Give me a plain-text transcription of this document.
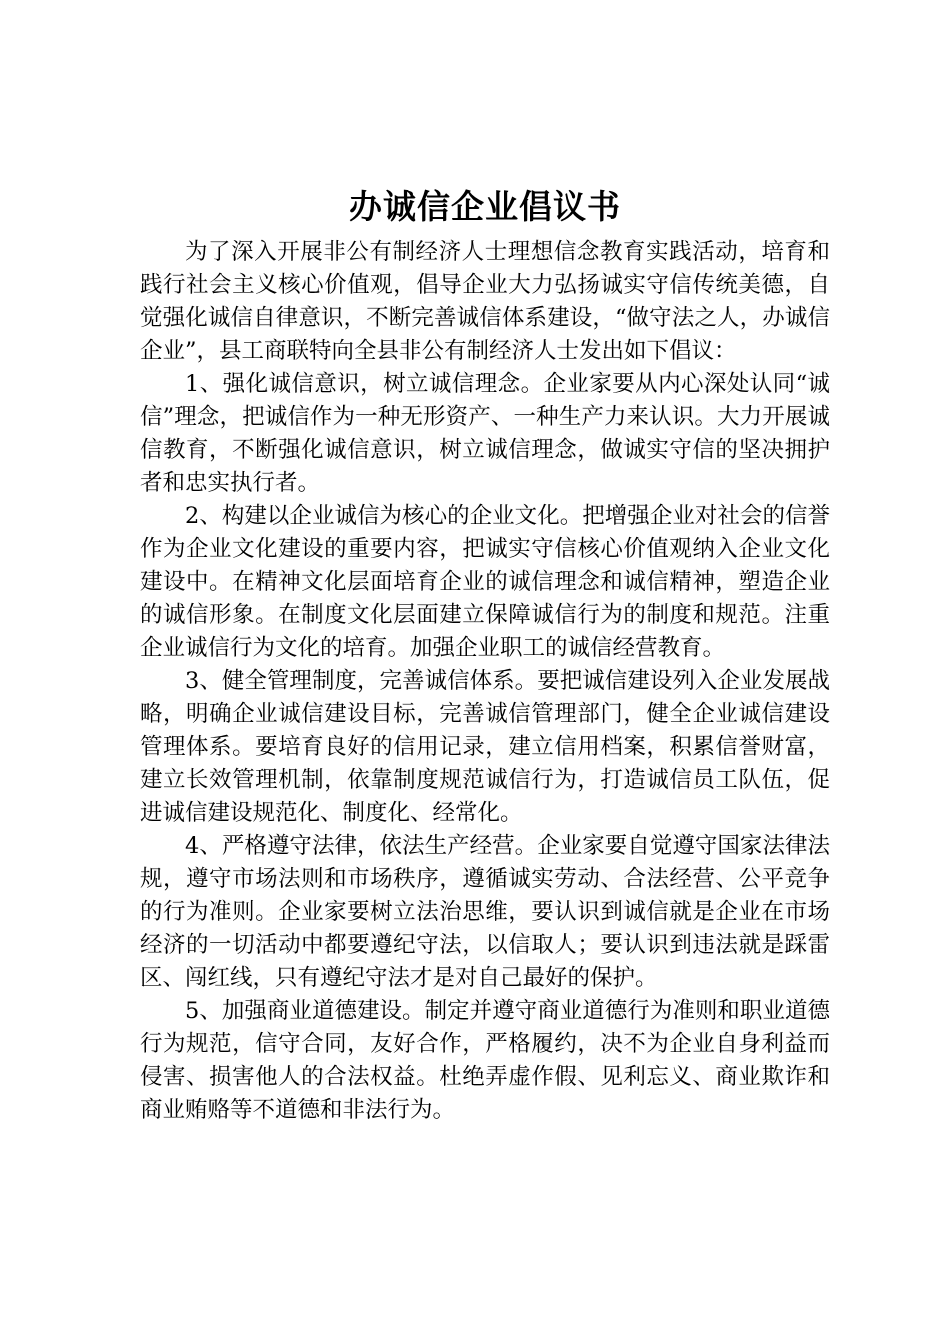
办诚信企业倡议书

为了深入开展非公有制经济人士理想信念教育实践活动，培育和践行社会主义核心价值观，倡导企业大力弘扬诚实守信传统美德，自觉强化诚信自律意识，不断完善诚信体系建设，“做守法之人，办诚信企业”，县工商联特向全县非公有制经济人士发出如下倡议：

1、强化诚信意识，树立诚信理念。企业家要从内心深处认同“诚信”理念，把诚信作为一种无形资产、一种生产力来认识。大力开展诚信教育，不断强化诚信意识，树立诚信理念，做诚实守信的坚决拥护者和忠实执行者。

2、构建以企业诚信为核心的企业文化。把增强企业对社会的信誉作为企业文化建设的重要内容，把诚实守信核心价值观纳入企业文化建设中。在精神文化层面培育企业的诚信理念和诚信精神，塑造企业的诚信形象。在制度文化层面建立保障诚信行为的制度和规范。注重企业诚信行为文化的培育。加强企业职工的诚信经营教育。

3、健全管理制度，完善诚信体系。要把诚信建设列入企业发展战略，明确企业诚信建设目标，完善诚信管理部门，健全企业诚信建设管理体系。要培育良好的信用记录，建立信用档案，积累信誉财富，建立长效管理机制，依靠制度规范诚信行为，打造诚信员工队伍，促进诚信建设规范化、制度化、经常化。

4、严格遵守法律，依法生产经营。企业家要自觉遵守国家法律法规，遵守市场法则和市场秩序，遵循诚实劳动、合法经营、公平竞争的行为准则。企业家要树立法治思维，要认识到诚信就是企业在市场经济的一切活动中都要遵纪守法，以信取人；要认识到违法就是踩雷区、闯红线，只有遵纪守法才是对自己最好的保护。

5、加强商业道德建设。制定并遵守商业道德行为准则和职业道德行为规范，信守合同，友好合作，严格履约，决不为企业自身利益而侵害、损害他人的合法权益。杜绝弄虚作假、见利忘义、商业欺诈和商业贿赂等不道德和非法行为。
